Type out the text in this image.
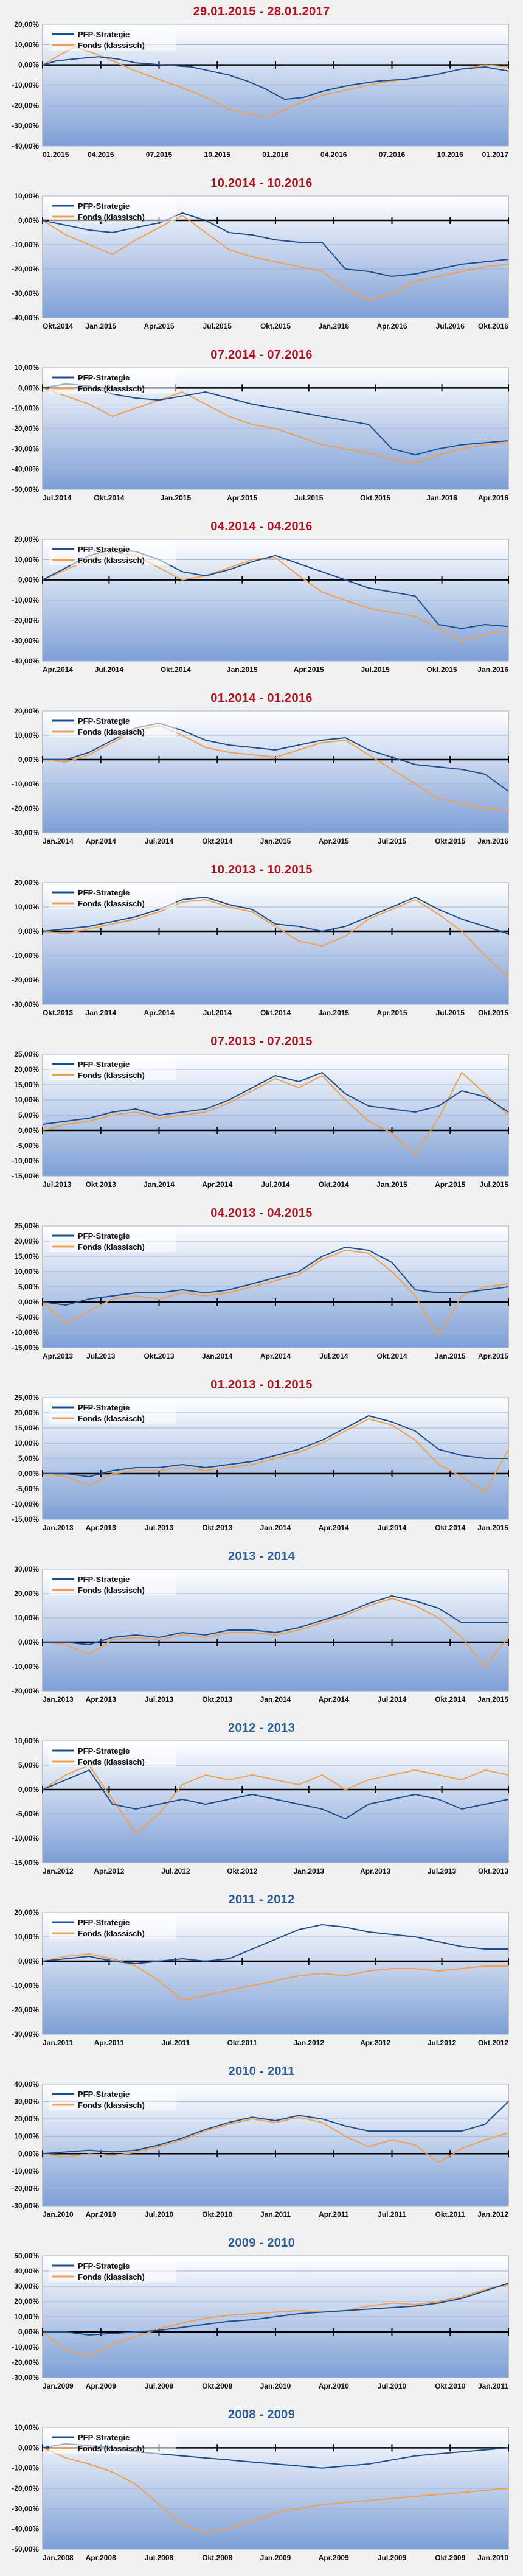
29.01.2015 - 28.01.2017
20,00%
10,00%
0,00%
-10,00%
-20,00%
-30,00%
-40,00%
01.2015	04.2015	07.2015	10.2015	01.2016	04.2016	07.2016	10.2016	01.2017
PFP-Strategie
Fonds (klassisch)
10.2014 - 10.2016
10,00%
0,00%
-10,00%
-20,00%
-30,00%
-40,00%
Okt.2014 Jan.2015	Apr.2015	Jul.2015	Okt.2015	Jan.2016	Apr.2016	Jul.2016 Okt.2016
PFP-Strategie
Fonds (klassisch)
07.2014 - 07.2016
10,00%
0,00%
-10,00%
-20,00%
-30,00%
-40,00%
-50,00%
Jul.2014	Okt.2014	Jan.2015	Apr.2015	Jul.2015	Okt.2015	Jan.2016	Apr.2016
PFP-Strategie
Fonds (klassisch)
04.2014 - 04.2016
20,00%
10,00%
0,00%
-10,00%
-20,00%
-30,00%
-40,00%
Apr.2014	Jul.2014	Okt.2014	Jan.2015	Apr.2015	Jul.2015	Okt.2015	Jan.2016
PFP-Strategie
Fonds (klassisch)
01.2014 - 01.2016
20,00%
10,00%
0,00%
-10,00%
-20,00%
-30,00%
Jan.2014 Apr.2014	Jul.2014	Okt.2014	Jan.2015	Apr.2015	Jul.2015	Okt.2015 Jan.2016
PFP-Strategie
Fonds (klassisch)
10.2013 - 10.2015
20,00%
10,00%
0,00%
-10,00%
-20,00%
-30,00%
Okt.2013 Jan.2014	Apr.2014	Jul.2014	Okt.2014	Jan.2015	Apr.2015	Jul.2015 Okt.2015
PFP-Strategie
Fonds (klassisch)
07.2013 - 07.2015
25,00%
20,00%
15,00%
10,00%
5,00%
0,00%
-5,00%
-10,00%
-15,00%
Jul.2013 Okt.2013	Jan.2014	Apr.2014	Jul.2014	Okt.2014	Jan.2015	Apr.2015 Jul.2015
PFP-Strategie
Fonds (klassisch)
04.2013 - 04.2015
25,00%
20,00%
15,00%
10,00%
5,00%
0,00%
-5,00%
-10,00%
-15,00%
Apr.2013 Jul.2013	Okt.2013	Jan.2014	Apr.2014	Jul.2014	Okt.2014	Jan.2015 Apr.2015
PFP-Strategie
Fonds (klassisch)
01.2013 - 01.2015
25,00%
20,00%
15,00%
10,00%
5,00%
0,00%
-5,00%
-10,00%
-15,00%
Jan.2013 Apr.2013	Jul.2013	Okt.2013	Jan.2014	Apr.2014	Jul.2014	Okt.2014 Jan.2015
PFP-Strategie
Fonds (klassisch)
2013 - 2014
30,00%
20,00%
10,00%
0,00%
-10,00%
-20,00%
Jan.2013 Apr.2013	Jul.2013	Okt.2013	Jan.2014	Apr.2014	Jul.2014	Okt.2014 Jan.2015
PFP-Strategie
Fonds (klassisch)
2012 - 2013
10,00%
5,00%
0,00%
-5,00%
-10,00%
-15,00%
Jan.2012	Apr.2012	Jul.2012	Okt.2012	Jan.2013	Apr.2013	Jul.2013	Okt.2013
PFP-Strategie
Fonds (klassisch)
2011 - 2012
20,00%
10,00%
0,00%
-10,00%
-20,00%
-30,00%
Jan.2011	Apr.2011	Jul.2011	Okt.2011	Jan.2012	Apr.2012	Jul.2012	Okt.2012
PFP-Strategie
Fonds (klassisch)
2010 - 2011
40,00%
30,00%
20,00%
10,00%
0,00%
-10,00%
-20,00%
-30,00%
Jan.2010 Apr.2010	Jul.2010	Okt.2010	Jan.2011	Apr.2011	Jul.2011	Okt.2011 Jan.2012
PFP-Strategie
Fonds (klassisch)
2009 - 2010
50,00%
40,00%
30,00%
20,00%
10,00%
0,00%
-10,00%
-20,00%
-30,00%
Jan.2009 Apr.2009	Jul.2009	Okt.2009	Jan.2010	Apr.2010	Jul.2010	Okt.2010 Jan.2011
PFP-Strategie
Fonds (klassisch)
2008 - 2009
10,00%
0,00%
-10,00%
-20,00%
-30,00%
-40,00%
-50,00%
Jan.2008 Apr.2008	Jul.2008	Okt.2008	Jan.2009	Apr.2009	Jul.2009	Okt.2009 Jan.2010
PFP-Strategie
Fonds (klassisch)
